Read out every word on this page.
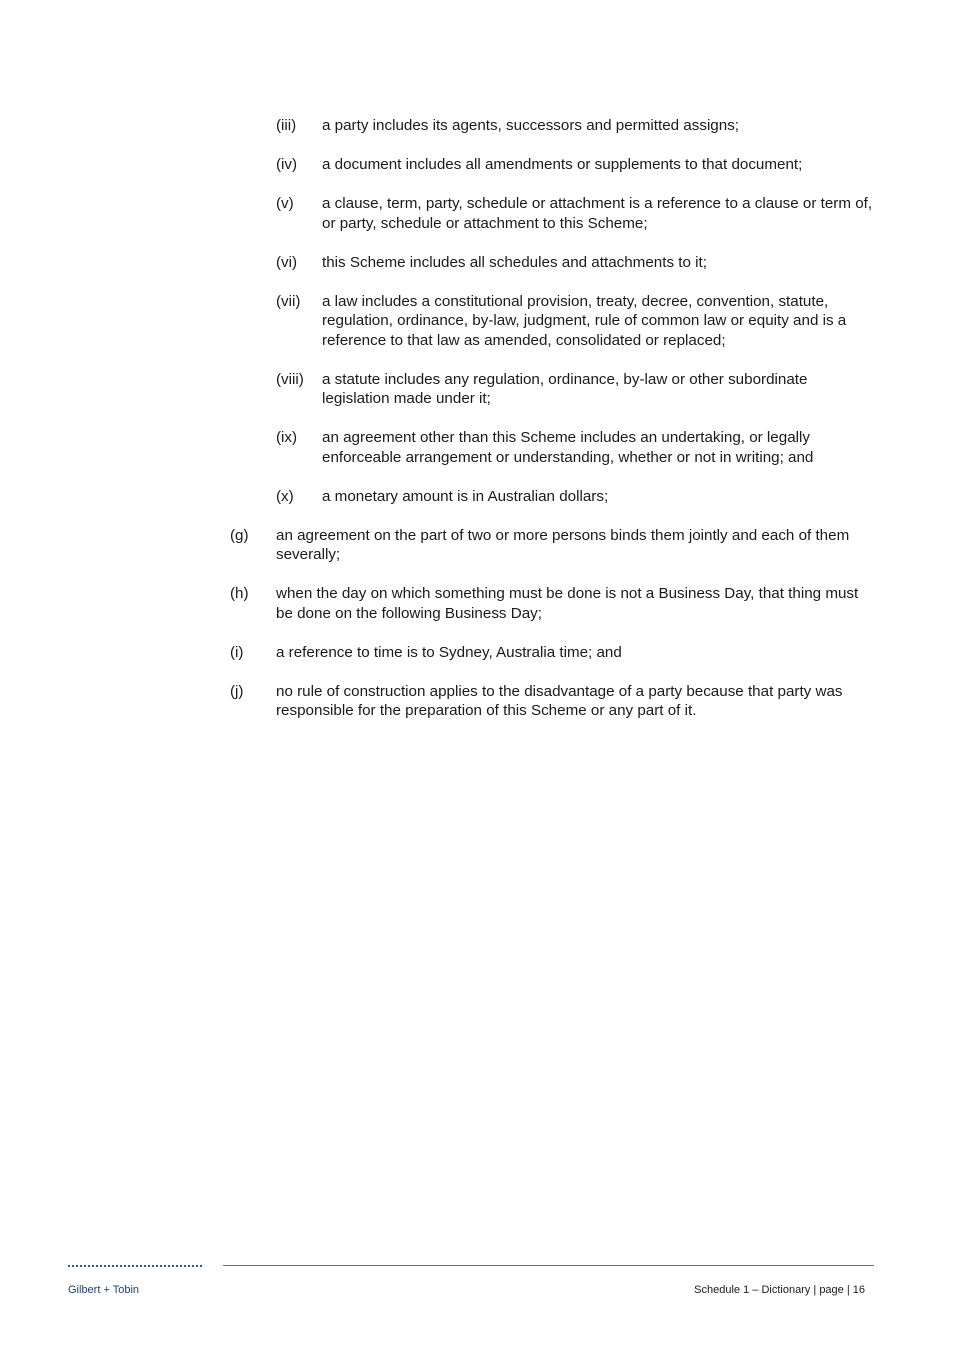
(iii) a party includes its agents, successors and permitted assigns;
(iv) a document includes all amendments or supplements to that document;
(v) a clause, term, party, schedule or attachment is a reference to a clause or term of, or party, schedule or attachment to this Scheme;
(vi) this Scheme includes all schedules and attachments to it;
(vii) a law includes a constitutional provision, treaty, decree, convention, statute, regulation, ordinance, by-law, judgment, rule of common law or equity and is a reference to that law as amended, consolidated or replaced;
(viii) a statute includes any regulation, ordinance, by-law or other subordinate legislation made under it;
(ix) an agreement other than this Scheme includes an undertaking, or legally enforceable arrangement or understanding, whether or not in writing; and
(x) a monetary amount is in Australian dollars;
(g) an agreement on the part of two or more persons binds them jointly and each of them severally;
(h) when the day on which something must be done is not a Business Day, that thing must be done on the following Business Day;
(i) a reference to time is to Sydney, Australia time; and
(j) no rule of construction applies to the disadvantage of a party because that party was responsible for the preparation of this Scheme or any part of it.
Gilbert + Tobin	Schedule 1 – Dictionary | page | 16
